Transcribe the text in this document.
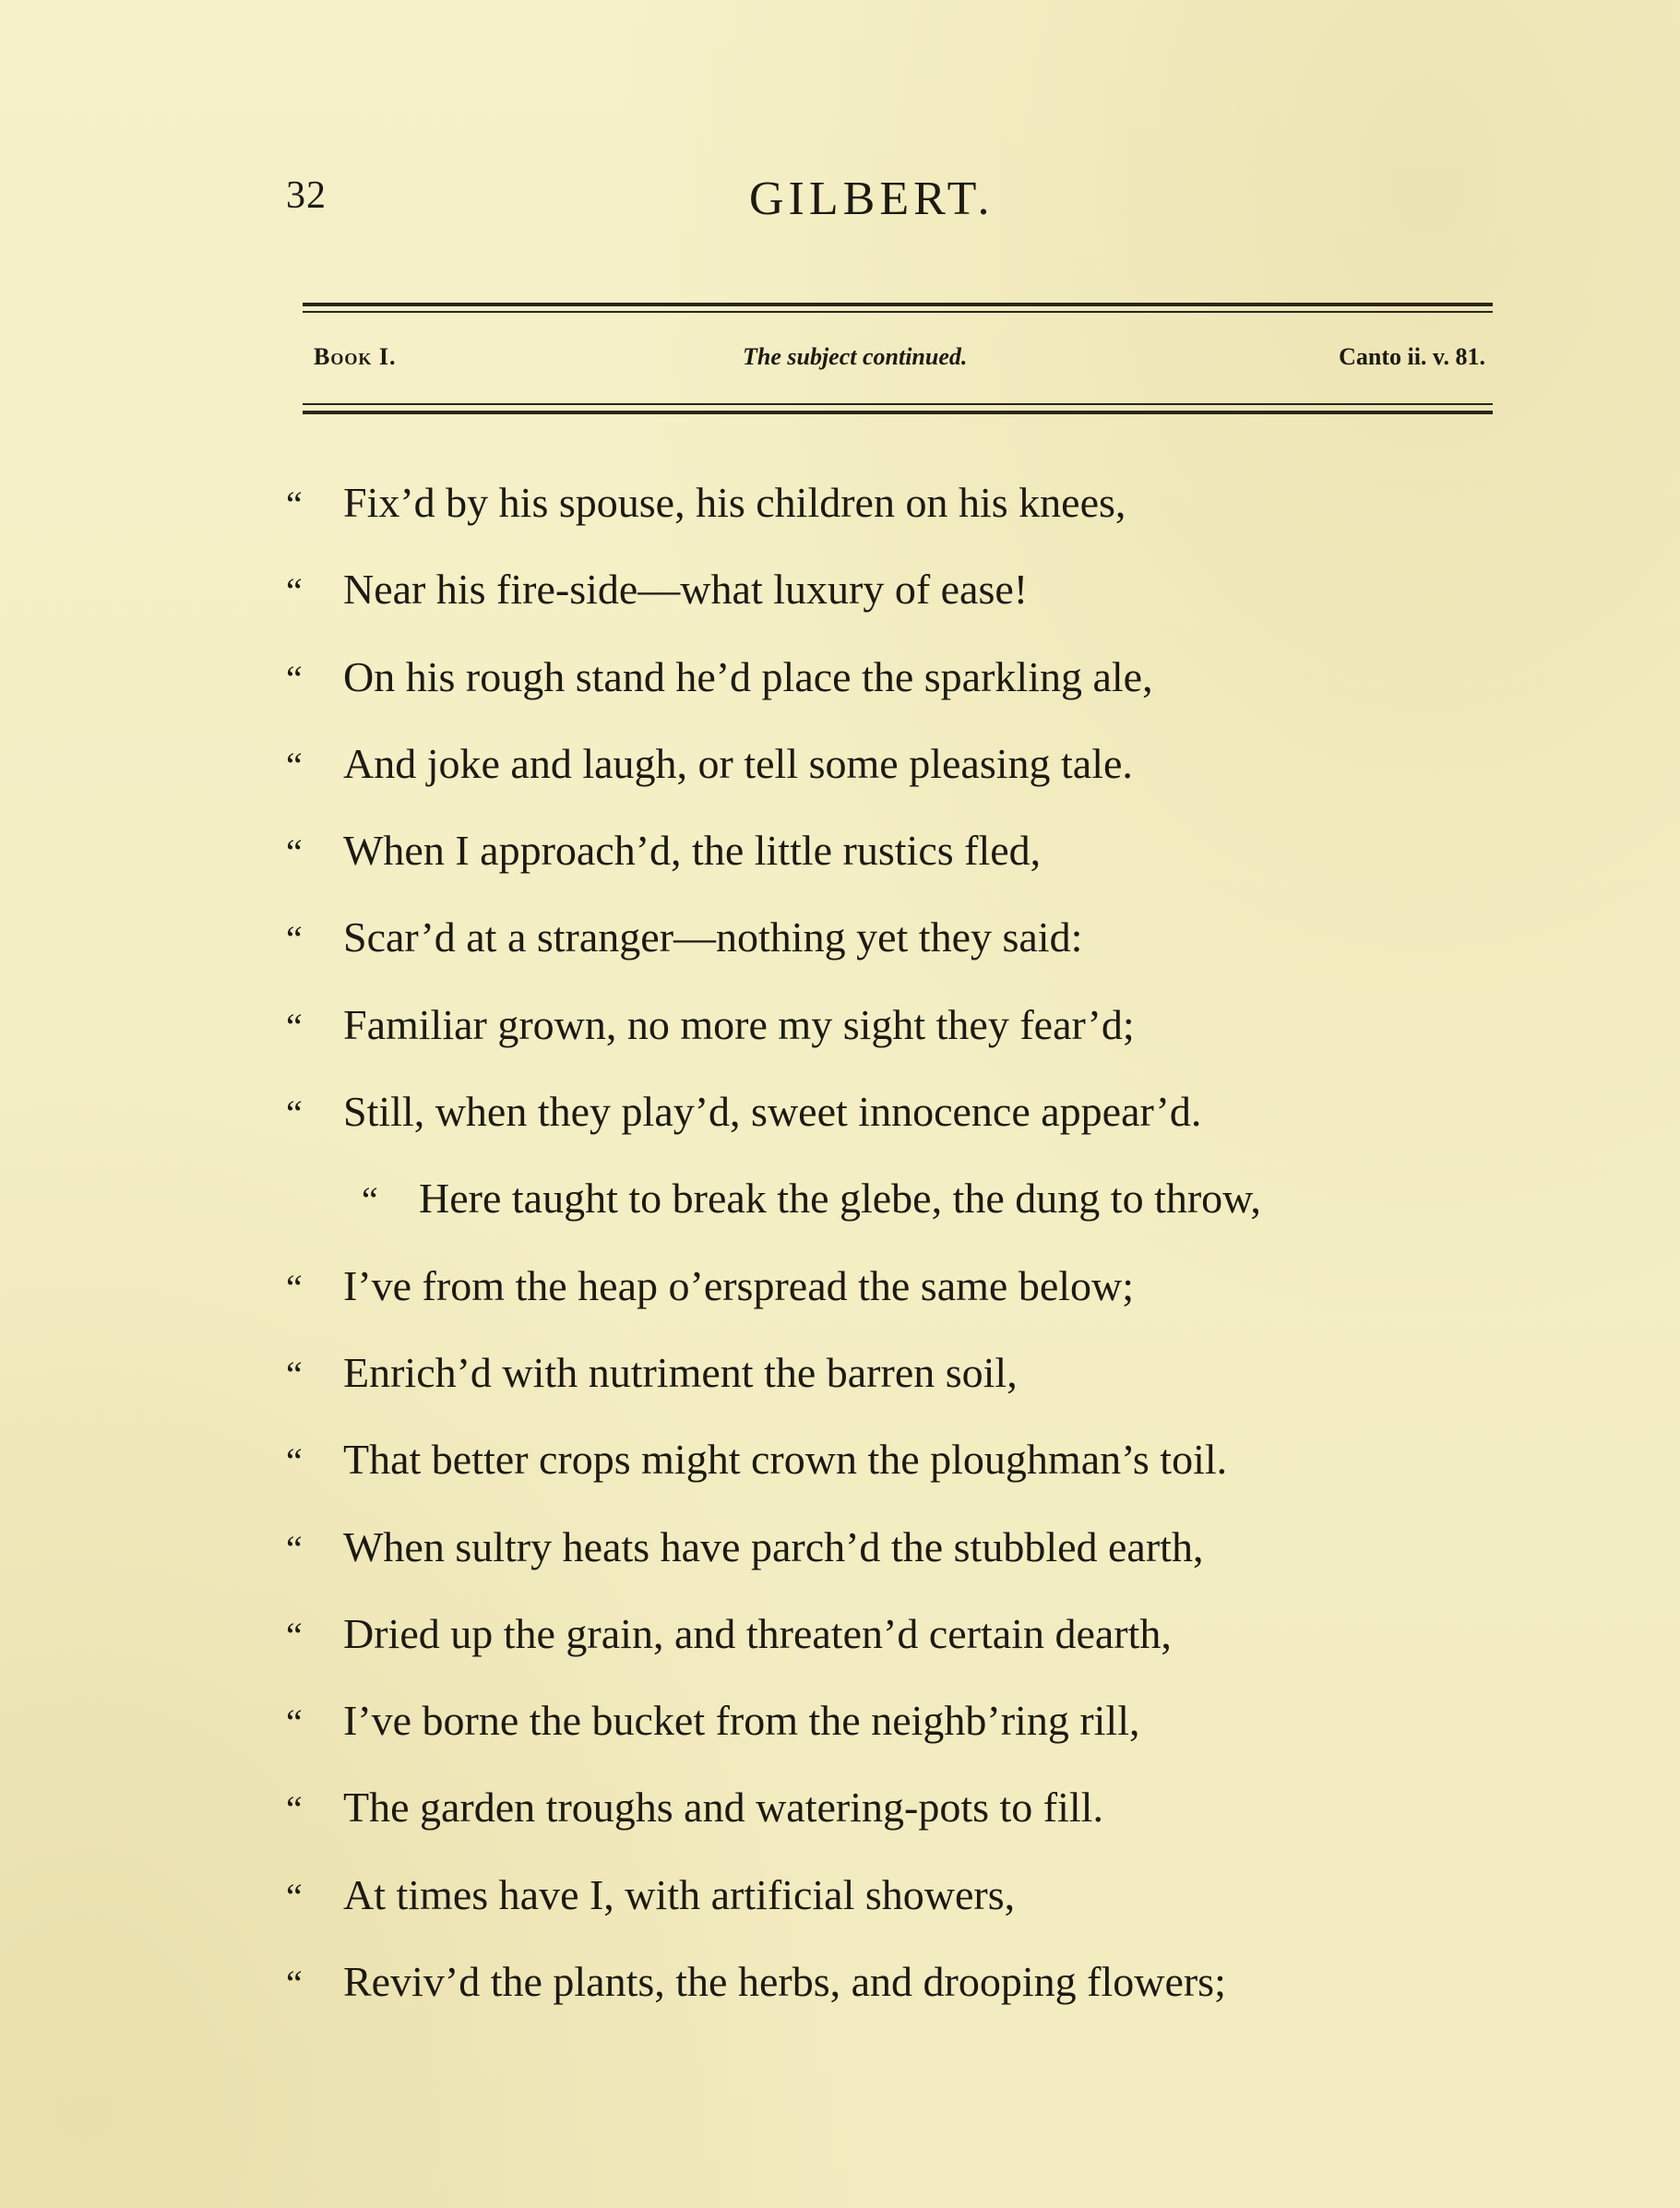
32	GILBERT.
Book I.	The subject continued.	Canto ii. v. 81.
“ Fix’d by his spouse, his children on his knees,
“ Near his fire-side—what luxury of ease!
“ On his rough stand he’d place the sparkling ale,
“ And joke and laugh, or tell some pleasing tale.
“ When I approach’d, the little rustics fled,
“ Scar’d at a stranger—nothing yet they said:
“ Familiar grown, no more my sight they fear’d;
“ Still, when they play’d, sweet innocence appear’d.
“ Here taught to break the glebe, the dung to throw,
“ I’ve from the heap o’erspread the same below;
“ Enrich’d with nutriment the barren soil,
“ That better crops might crown the ploughman’s toil.
“ When sultry heats have parch’d the stubbled earth,
“ Dried up the grain, and threaten’d certain dearth,
“ I’ve borne the bucket from the neighb’ring rill,
“ The garden troughs and watering-pots to fill.
“ At times have I, with artificial showers,
“ Reviv’d the plants, the herbs, and drooping flowers;
